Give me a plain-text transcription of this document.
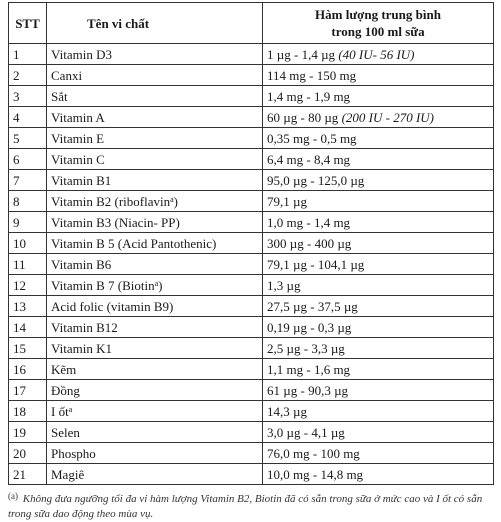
STT	Tên vi chất	Hàm lượng trung bình
trong 100 ml sữa
1	Vitamin D3	1 µg - 1,4 µg (40 IU- 56 IU)
2	Canxi	114 mg - 150 mg
3	Sắt	1,4 mg - 1,9 mg
4	Vitamin A	60 µg - 80 µg (200 IU - 270 IU)
5	Vitamin E	0,35 mg - 0,5 mg
6	Vitamin C	6,4 mg - 8,4 mg
7	Vitamin B1	95,0 µg - 125,0 µg
8	Vitamin B2 (riboflavin$^a$)	79,1 µg
9	Vitamin B3 (Niacin- PP)	1,0 mg - 1,4 mg
10	Vitamin B 5 (Acid Pantothenic)	300 µg - 400 µg
11	Vitamin B6	79,1 µg - 104,1 µg
12	Vitamin B 7 (Biotin$^a$)	1,3 µg
13	Acid folic (vitamin B9)	27,5 µg - 37,5 µg
14	Vitamin B12	0,19 µg - 0,3 µg
15	Vitamin K1	2,5 µg - 3,3 µg
16	Kẽm	1,1 mg - 1,6 mg
17	Đồng	61 µg - 90,3 µg
18	I ốt$^a$	14,3 µg
19	Selen	3,0 µg - 4,1 µg
20	Phospho	76,0 mg - 100 mg
21	Magiê	10,0 mg - 14,8 mg
$^{(a)}$ Không đưa ngưỡng tối đa vi hàm lượng Vitamin B2, Biotin đã có sẵn trong sữa ở mức cao và I ốt có sẵn trong sữa dao động theo mùa vụ.
